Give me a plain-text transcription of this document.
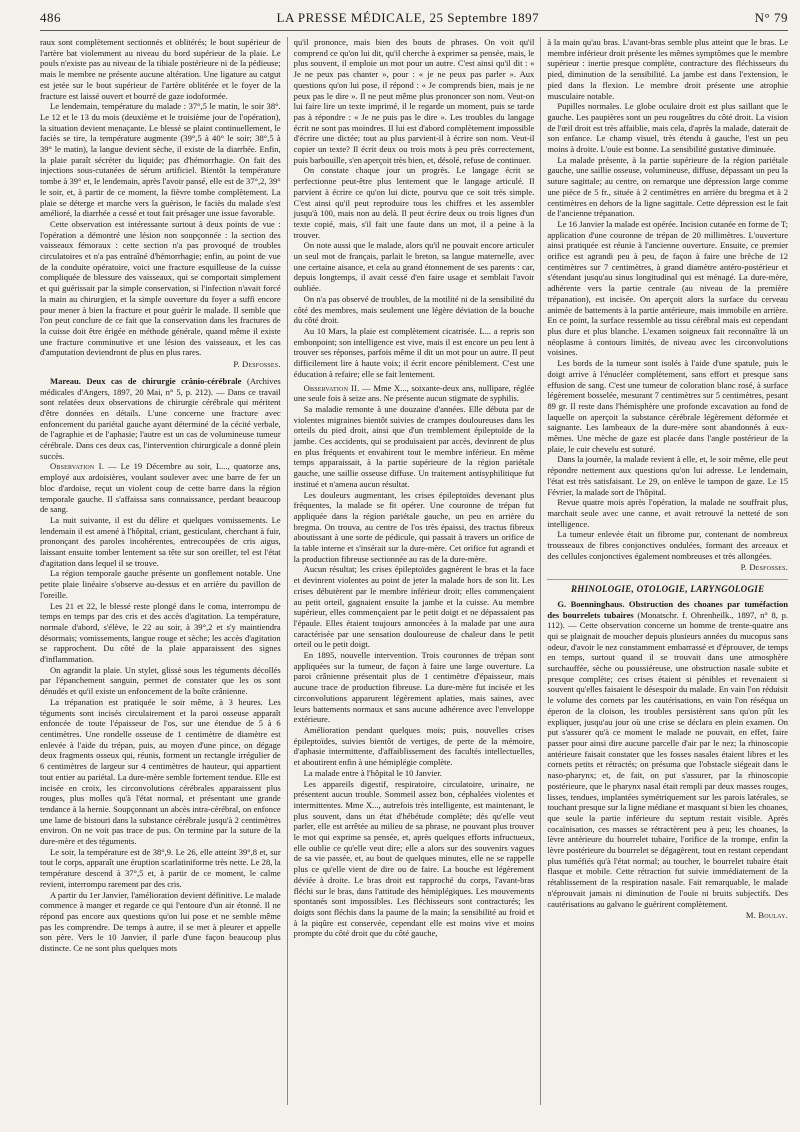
486	LA PRESSE MÉDICALE, 25 Septembre 1897	N° 79

raux sont complètement sectionnés et oblitérés; le bout supérieur de l'artère bat violemment au niveau du bord supérieur de la plaie. Le pouls n'existe pas au niveau de la tibiale postérieure ni de la pédieuse; mais le membre ne présente aucune altération. Une ligature au catgut est jetée sur le bout supérieur de l'artère oblitérée et le foyer de la fracture est laissé ouvert et bourré de gaze iodoformée.

Le lendemain, température du malade : 37°,5 le matin, le soir 38°. Le 12 et le 13 du mois (deuxième et le troisième jour de l'opération), la situation devient menaçante. Le blessé se plaint continuellement, le faciès se tire, la température augmente (39°,5 à 40° le soir; 38°,5 à 39° le matin), la langue devient sèche, il existe de la diarrhée. Enfin, la plaie paraît sécréter du liquide; pas d'hémorrhagie. On fait des injections sous-cutanées de sérum artificiel. Bientôt la température tombe à 39° et, le lendemain, après l'avoir pansé, elle est de 37°,2, 39° le soir, et, à partir de ce moment, la fièvre tombe complètement. La plaie se déterge et marche vers la guérison, le faciès du malade s'est amélioré, la diarrhée a cessé et tout fait présager une issue favorable.

Cette observation est intéressante surtout à deux points de vue : l'opération a démontré une lésion non soupçonnée : la section des vaisseaux fémoraux : cette section n'a pas provoqué de troubles circulatoires et n'a pas entraîné d'hémorrhagie; enfin, au point de vue de la conduite opératoire, voici une fracture esquilleuse de la cuisse compliquée de blessure des vaisseaux, qui se comportait simplement et qui guérissait par la simple conservation, si l'infection n'avait forcé la main au chirurgien, et la simple ouverture du foyer a suffi encore pour mener à bien la fracture et pour guérir le malade. Il semble que l'on peut conclure de ce fait que la conservation dans les fractures de la cuisse doit être érigée en méthode générale, quand même il existe une fracture comminutive et une lésion des vaisseaux, et les cas d'amputation deviendront de plus en plus rares.

P. Desfosses.

Mareau. Deux cas de chirurgie crânio-cérébrale (Archives médicales d'Angers, 1897, 20 Mai, n° 5, p. 212). — Dans ce travail sont relatées deux observations de chirurgie cérébrale qui méritent d'être données en détails. L'une concerne une fracture avec enfoncement du pariétal gauche ayant déterminé de la cécité verbale, de l'agraphie et de l'aphasie; l'autre est un cas de volumineuse tumeur cérébrale. Dans ces deux cas, l'intervention chirurgicale a donné plein succès.

Observation I. — Le 19 Décembre au soir, L..., quatorze ans, employé aux ardoisières, voulant soulever avec une barre de fer un bloc d'ardoise, reçut un violent coup de cette barre dans la région temporale gauche. Il s'affaissa sans connaissance, perdant beaucoup de sang.

La nuit suivante, il est du délire et quelques vomissements. Le lendemain il est amené à l'hôpital, criant, gesticulant, cherchant à fuir, prononçant des paroles incohérentes, entrecoupées de cris aigus, laissant ensuite tomber lentement sa tête sur son oreiller, tel est l'état d'agitation dans lequel il se trouve.

La région temporale gauche présente un gonflement notable. Une petite plaie linéaire s'observe au-dessus et en arrière du pavillon de l'oreille.

Les 21 et 22, le blessé reste plongé dans le coma, interrompu de temps en temps par des cris et des accès d'agitation. La température, normale d'abord, s'élève, le 22 au soir, à 39°,2 et s'y maintiendra désormais; vomissements, langue rouge et sèche; les accès d'agitation se rapprochent. Du côté de la plaie apparaissent des signes d'inflammation.

On agrandit la plaie. Un stylet, glissé sous les téguments décollés par l'épanchement sanguin, permet de constater que les os sont dénudés et qu'il existe un enfoncement de la boîte crânienne.

La trépanation est pratiquée le soir même, à 3 heures. Les téguments sont incisés circulairement et la paroi osseuse apparaît enfoncée de toute l'épaisseur de l'os, sur une étendue de 5 à 6 centimètres. Une rondelle osseuse de 1 centimètre de diamètre est enlevée à l'aide du trépan, puis, au moyen d'une pince, on dégage deux fragments osseux qui, réunis, forment un rectangle irrégulier de 6 centimètres de largeur sur 4 centimètres de hauteur, qui appartient tout entier au pariétal. La dure-mère semble fortement tendue. Elle est incisée en croix, les circonvolutions cérébrales apparaissent plus rouges, plus molles qu'à l'état normal, et présentant une grande tendance à la hernie. Soupçonnant un abcès intra-cérébral, on enfonce une lame de bistouri dans la substance cérébrale jusqu'à 2 centimètres environ. On ne voit pas trace de pus. On termine par la suture de la dure-mère et des téguments.

Le soir, la température est de 38°,9. Le 26, elle atteint 39°,8 et, sur tout le corps, apparaît une éruption scarlatiniforme très nette. Le 28, la température descend à 37°,5 et, à partir de ce moment, le calme revient, interrompu rarement par des cris.

A partir du 1er Janvier, l'amélioration devient définitive. Le malade commence à manger et regarde ce qui l'entoure d'un air étonné. Il ne répond pas encore aux questions qu'on lui pose et ne semble même pas les comprendre. De temps à autre, il se met à pleurer et appelle son père. Vers le 10 Janvier, il parle d'une façon beaucoup plus distincte. Ce ne sont plus quelques mots

qu'il prononce, mais bien des bouts de phrases. On voit qu'il comprend ce qu'on lui dit, qu'il cherche à exprimer sa pensée, mais, le plus souvent, il emploie un mot pour un autre. C'est ainsi qu'il dit : « Je ne peux pas chanter », pour : « je ne peux pas parler ». Aux questions qu'on lui pose, il répond : « Je comprends bien, mais je ne peux pas le dire ». Il ne peut même plus prononcer son nom. Veut-on lui faire lire un texte imprimé, il le regarde un moment, puis se tarde pas à répondre : « Je ne puis pas le dire ». Les troubles du langage écrit ne sont pas moindres. Il lui est d'abord complètement impossible d'écrire une dictée; tout au plus parvient-il à écrire son nom. Veut-il copier un texte? Il écrit deux ou trois mots à peu près correctement, puis barbouille, s'en aperçoit très bien, et, désolé, refuse de continuer.

On constate chaque jour un progrès. Le langage écrit se perfectionne peut-être plus lentement que le langage articulé. Il parvient à écrire ce qu'on lui dicte, pourvu que ce soit très simple. C'est ainsi qu'il peut reproduire tous les chiffres et les assembler jusqu'à 100, mais non au delà. Il peut écrire deux ou trois lignes d'un texte copié, mais, s'il fait une faute dans un mot, il a peine à la trouver.

On note aussi que le malade, alors qu'il ne pouvait encore articuler un seul mot de français, parlait le breton, sa langue maternelle, avec une certaine aisance, et cela au grand étonnement de ses parents : car, depuis longtemps, il avait cessé d'en faire usage et semblait l'avoir oubliée.

On n'a pas observé de troubles, de la motilité ni de la sensibilité du côté des membres, mais seulement une légère déviation de la bouche du côté droit.

Au 10 Mars, la plaie est complètement cicatrisée. L... a repris son embonpoint; son intelligence est vive, mais il est encore un peu lent à trouver ses réponses, parfois même il dit un mot pour un autre. Il peut difficilement lire à haute voix; il écrit encore péniblement. C'est une éducation à refaire; elle se fait lentement.

Observation II. — Mme X..., soixante-deux ans, nullipare, réglée une seule fois à seize ans. Ne présente aucun stigmate de syphilis.

Sa maladie remonte à une douzaine d'années. Elle débuta par de violentes migraines bientôt suivies de crampes douloureuses dans les orteils du pied droit, ainsi que d'un tremblement épileptoïde de la jambe. Ces accidents, qui se produisaient par accès, devinrent de plus en plus fréquents et envahirent tout le membre inférieur. En même temps apparaissait, à la partie supérieure de la région pariétale gauche, une saillie osseuse diffuse. Un traitement antisyphilitique fut institué et n'amena aucun résultat.

Les douleurs augmentant, les crises épileptoïdes devenant plus fréquentes, la malade se fit opérer. Une couronne de trépan fut appliquée dans la région pariétale gauche, un peu en arrière du bregma. On trouva, au centre de l'os très épaissi, des tractus fibreux aboutissant à une sorte de pédicule, qui passait à travers un orifice de la table interne et s'insérait sur la dure-mère. Cet orifice fut agrandi et la production fibreuse sectionnée au ras de la dure-mère.

Aucun résultat; les crises épileptoïdes gagnèrent le bras et la face et devinrent violentes au point de jeter la malade hors de son lit. Les crises débutèrent par le membre inférieur droit; elles commençaient au petit orteil, gagnaient ensuite la jambe et la cuisse. Au membre supérieur, elles commençaient par le petit doigt et ne dépassaient pas l'épaule. Elles étaient toujours annoncées à la malade par une aura caractérisée par une sensation douloureuse de chaleur dans le petit orteil ou le petit doigt.

En 1895, nouvelle intervention. Trois couronnes de trépan sont appliquées sur la tumeur, de façon à faire une large ouverture. La paroi crânienne présentait plus de 1 centimètre d'épaisseur, mais aucune trace de production fibreuse. La dure-mère fut incisée et les circonvolutions apparurent légèrement aplaties, mais saines, avec leurs battements normaux et sans aucune adhérence avec l'enveloppe extérieure.

Amélioration pendant quelques mois; puis, nouvelles crises épileptoïdes, suivies bientôt de vertiges, de perte de la mémoire, d'aphasie intermittente, d'affaiblissement des facultés intellectuelles, et aboutirent enfin à une hémiplégie complète.

La malade entre à l'hôpital le 10 Janvier.

Les appareils digestif, respiratoire, circulatoire, urinaire, ne présentent aucun trouble. Sommeil assez bon, céphalées violentes et intermittentes. Mme X..., autrefois très intelligente, est maintenant, le plus souvent, dans un état d'hébétude complète; dès qu'elle veut parler, elle est arrêtée au milieu de sa phrase, ne pouvant plus trouver le mot qui exprime sa pensée, et, après quelques efforts infructueux, elle oublie ce qu'elle veut dire; elle a alors sur des souvenirs vagues de sa vie passée, et, au bout de quelques minutes, elle ne se rappelle plus ce qu'elle vient de dire ou de faire. La bouche est légèrement déviée à droite. Le bras droit est rapproché du corps, l'avant-bras fléchi sur le bras, dans l'attitude des hémiplégiques. Les mouvements spontanés sont impossibles. Les fléchisseurs sont contracturés; les doigts sont fléchis dans la paume de la main; la sensibilité au froid et à la piqûre est conservée, cependant elle est moins vive et moins prompte du côté droit que du côté gauche,

à la main qu'au bras. L'avant-bras semble plus atteint que le bras. Le membre inférieur droit présente les mêmes symptômes que le membre supérieur : inertie presque complète, contracture des fléchisseurs du pied, diminution de la sensibilité. La jambe est dans l'extension, le pied dans la flexion. Le membre droit présente une atrophie musculaire notable.

Pupilles normales. Le globe oculaire droit est plus saillant que le gauche. Les paupières sont un peu rougeâtres du côté droit. La vision de l'œil droit est très affaiblie, mais cela, d'après la malade, daterait de son enfance. Le champ visuel, très étendu à gauche, l'est un peu moins à droite. L'ouïe est bonne. La sensibilité gustative diminuée.

La malade présente, à la partie supérieure de la région pariétale gauche, une saillie osseuse, volumineuse, diffuse, dépassant un peu la suture sagittale; au centre, on remarque une dépression large comme une pièce de 5 fr., située à 2 centimètres en arrière du bregma et à 2 centimètres en dehors de la ligne sagittale. Cette dépression est le fait de l'ancienne trépanation.

Le 16 Janvier la malade est opérée. Incision cutanée en forme de T; application d'une couronne de trépan de 20 millimètres. L'ouverture ainsi pratiquée est réunie à l'ancienne ouverture. Ensuite, ce premier orifice est agrandi peu à peu, de façon à faire une brèche de 12 centimètres sur 7 centimètres, à grand diamètre antéro-postérieur et s'étendant jusqu'au sinus longitudinal qui est ménagé. La dure-mère, adhérente vers la partie centrale (au niveau de la première trépanation), est incisée. On aperçoit alors la surface du cerveau animée de battements à la partie antérieure, mais immobile en arrière. En ce point, la surface ressemble au tissu cérébral mais est cependant plus dure et plus blanche. L'examen soigneux fait reconnaître là un néoplasme à contours limités, de niveau avec les circonvolutions voisines.

Les bords de la tumeur sont isolés à l'aide d'une spatule, puis le doigt arrive à l'énucléer complètement, sans effort et presque sans effusion de sang. C'est une tumeur de coloration blanc rosé, à surface légèrement bosselée, mesurant 7 centimètres sur 5 centimètres, pesant 89 gr. Il reste dans l'hémisphère une profonde excavation au fond de laquelle on aperçoit la substance cérébrale légèrement déformée et saignante. Les lambeaux de la dure-mère sont abandonnés à eux-mêmes. Une mèche de gaze est placée dans l'angle postérieur de la plaie, le cuir chevelu est suturé.

Dans la journée, la malade revient à elle, et, le soir même, elle peut répondre nettement aux questions qu'on lui adresse. Le lendemain, l'état est très satisfaisant. Le 29, on enlève le tampon de gaze. Le 15 Février, la malade sort de l'hôpital.

Revue quatre mois après l'opération, la malade ne souffrait plus, marchait seule avec une canne, et avait retrouvé la netteté de son intelligence.

La tumeur enlevée était un fibrome pur, contenant de nombreux trousseaux de fibres conjonctives ondulées, formant des arceaux et des cellules conjonctives également nombreuses et très allongées.

P. Desfosses.

RHINOLOGIE, OTOLOGIE, LARYNGOLOGIE

G. Boenninghaus. Obstruction des choanes par tuméfaction des bourrelets tubaires (Monatschr. f. Ohrenheilk., 1897, n° 8, p. 112). — Cette observation concerne un homme de trente-quatre ans qui se plaignait de moucher depuis plusieurs années du mucopus sans odeur, d'avoir le nez constamment embarrassé et d'éprouver, de temps en temps, surtout quand il se trouvait dans une atmosphère surchauffée, sèche ou poussiéreuse, une obstruction nasale subite et presque complète; ces crises étaient si pénibles et revenaient si souvent qu'elles faisaient le désespoir du malade. En vain l'on réduisit le volume des cornets par les cautérisations, en vain l'on réséqua un éperon de la cloison, les troubles persistèrent sans qu'on pût les expliquer, jusqu'au jour où une crise se déclara en plein examen. On put s'assurer qu'à ce moment le malade ne pouvait, en effet, faire passer pour ainsi dire aucune parcelle d'air par le nez; la rhinoscopie antérieure faisait constater que les fosses nasales étaient libres et les cornets petits et rétractés; on présuma que l'obstacle siégeait dans le naso-pharynx; et, de fait, on put s'assurer, par la rhinoscopie postérieure, que le pharynx nasal était rempli par deux masses rouges, lisses, tendues, implantées symétriquement sur les parois latérales, se touchant presque sur la ligne médiane et masquant si bien les choanes, que seule la partie inférieure du septum restait visible. Après cocaïnisation, ces masses se rétractèrent peu à peu; les choanes, la lèvre antérieure du bourrelet tubaire, l'orifice de la trompe, enfin la lèvre postérieure du bourrelet se dégagèrent, tout en restant cependant plus tuméfiés qu'à l'état normal; au toucher, le bourrelet tubaire était flasque et mobile. Cette rétraction fut suivie immédiatement de la rétablissement de la respiration nasale. Fait remarquable, le malade n'éprouvait jamais ni diminution de l'ouïe ni bruits subjectifs. Des cautérisations au galvano le guérirent complètement.

M. Boulay.
